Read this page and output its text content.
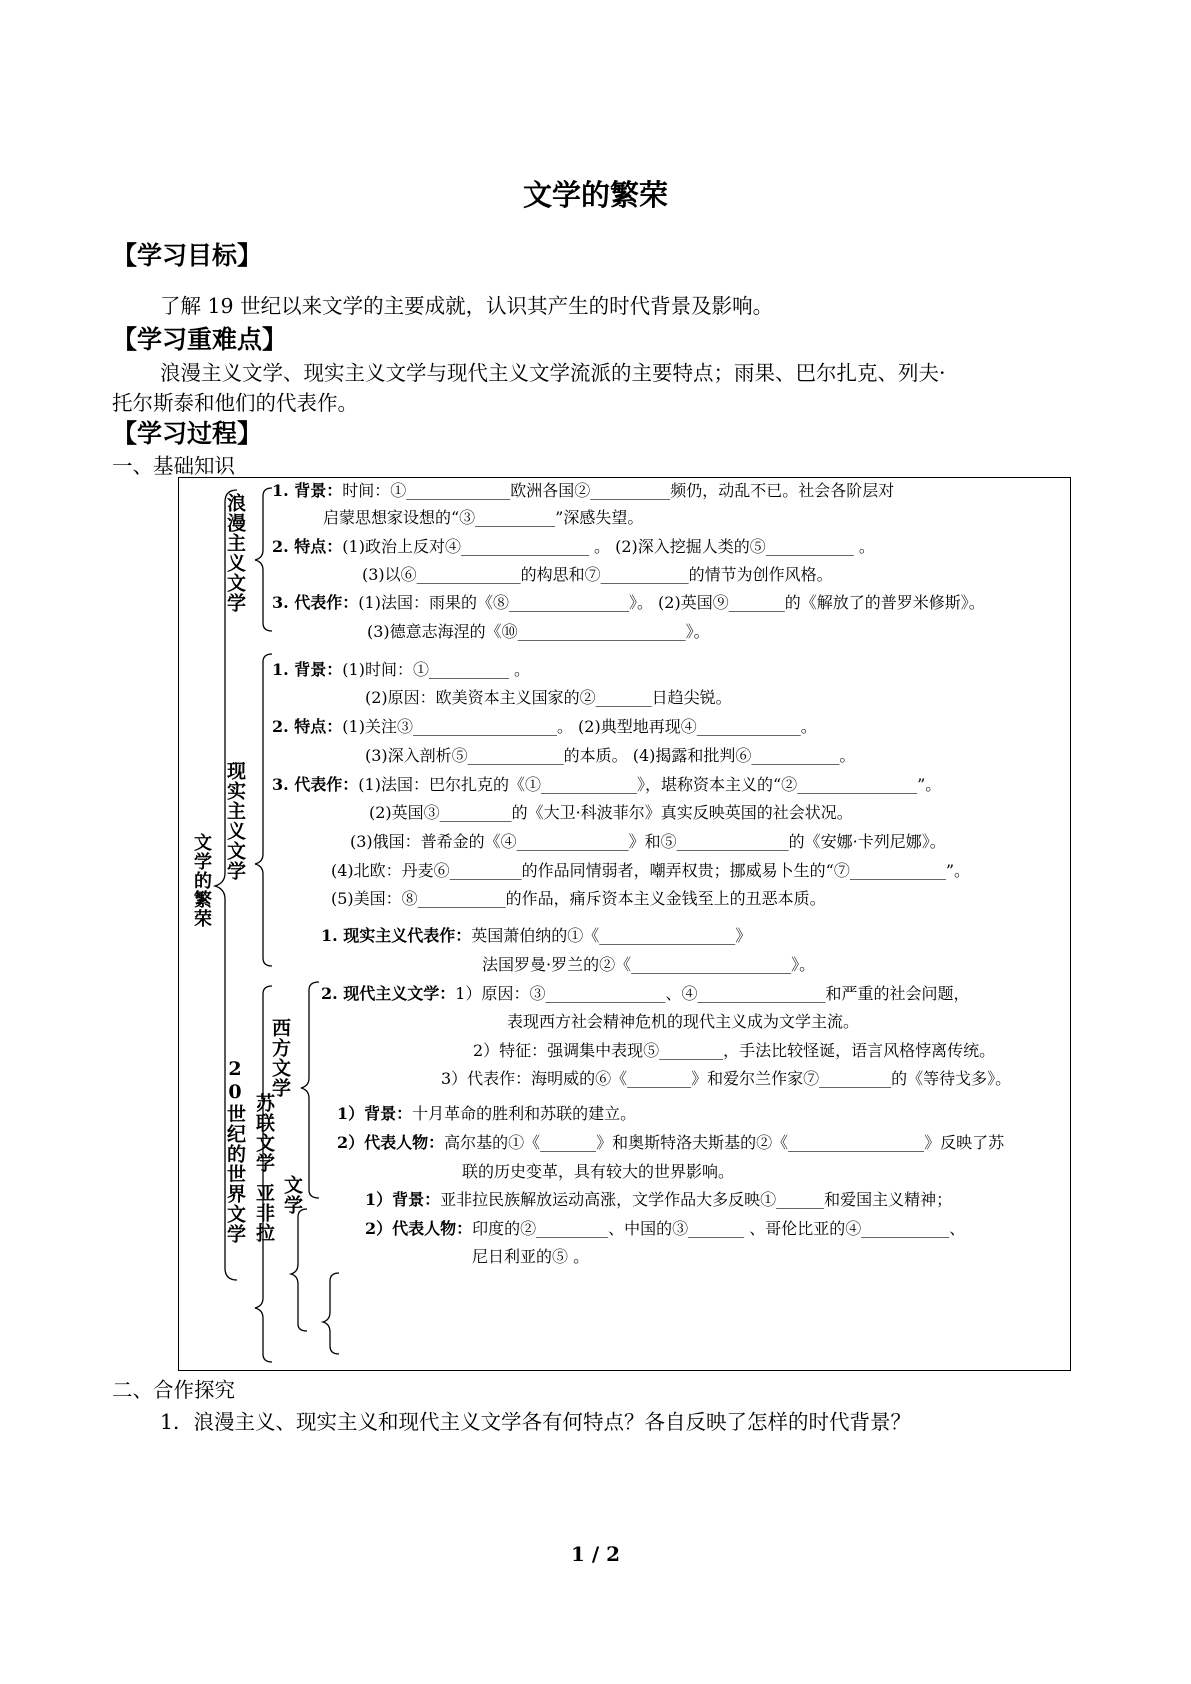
文学的繁荣
【学习目标】
了解 19 世纪以来文学的主要成就，认识其产生的时代背景及影响。
【学习重难点】
浪漫主义文学、现实主义文学与现代主义文学流派的主要特点；雨果、巴尔扎克、列夫·
托尔斯泰和他们的代表作。
【学习过程】
一、基础知识
文学的繁荣
浪漫主义文学
1. 背景：时间：①_____________欧洲各国②__________频仍，动乱不已。社会各阶层对
启蒙思想家设想的“③__________”深感失望。
2. 特点：(1)政治上反对④________________ 。 (2)深入挖掘人类的⑤___________ 。
(3)以⑥_____________的构思和⑦___________的情节为创作风格。
3. 代表作：(1)法国：雨果的《⑧_______________》。 (2)英国⑨_______的《解放了的普罗米修斯》。
(3)德意志海涅的《⑩_____________________》。
现实主义文学
1. 背景：(1)时间：①__________ 。
(2)原因：欧美资本主义国家的②_______日趋尖锐。
2. 特点：(1)关注③__________________。 (2)典型地再现④_____________。
(3)深入剖析⑤____________的本质。 (4)揭露和批判⑥___________。
3. 代表作：(1)法国：巴尔扎克的《①____________》，堪称资本主义的“②_______________”。
(2)英国③_________的《大卫·科波菲尔》真实反映英国的社会状况。
(3)俄国：普希金的《④______________》和⑤______________的《安娜·卡列尼娜》。
(4)北欧：丹麦⑥_________的作品同情弱者，嘲弄权贵；挪威易卜生的“⑦____________”。
(5)美国：⑧___________的作品，痛斥资本主义金钱至上的丑恶本质。
20世纪的世界文学 西方文学
1. 现实主义代表作：英国萧伯纳的①《_________________》
法国罗曼·罗兰的②《____________________》。
2. 现代主义文学：1）原因：③_______________、④________________和严重的社会问题，
表现西方社会精神危机的现代主义成为文学主流。
2）特征：强调集中表现⑤________，手法比较怪诞，语言风格悖离传统。
3）代表作：海明威的⑥《________》和爱尔兰作家⑦_________的《等待戈多》。
苏联文学	1）背景：十月革命的胜利和苏联的建立。
2）代表人物：高尔基的①《_______》和奥斯特洛夫斯基的②《_________________》反映了苏
联的历史变革，具有较大的世界影响。
亚非拉 文学	1）背景：亚非拉民族解放运动高涨，文学作品大多反映①______和爱国主义精神；
2）代表人物：印度的②_________、中国的③_______ 、哥伦比亚的④___________、
尼日利亚的⑤ 。
二、合作探究
1．浪漫主义、现实主义和现代主义文学各有何特点？各自反映了怎样的时代背景？
1 / 2
